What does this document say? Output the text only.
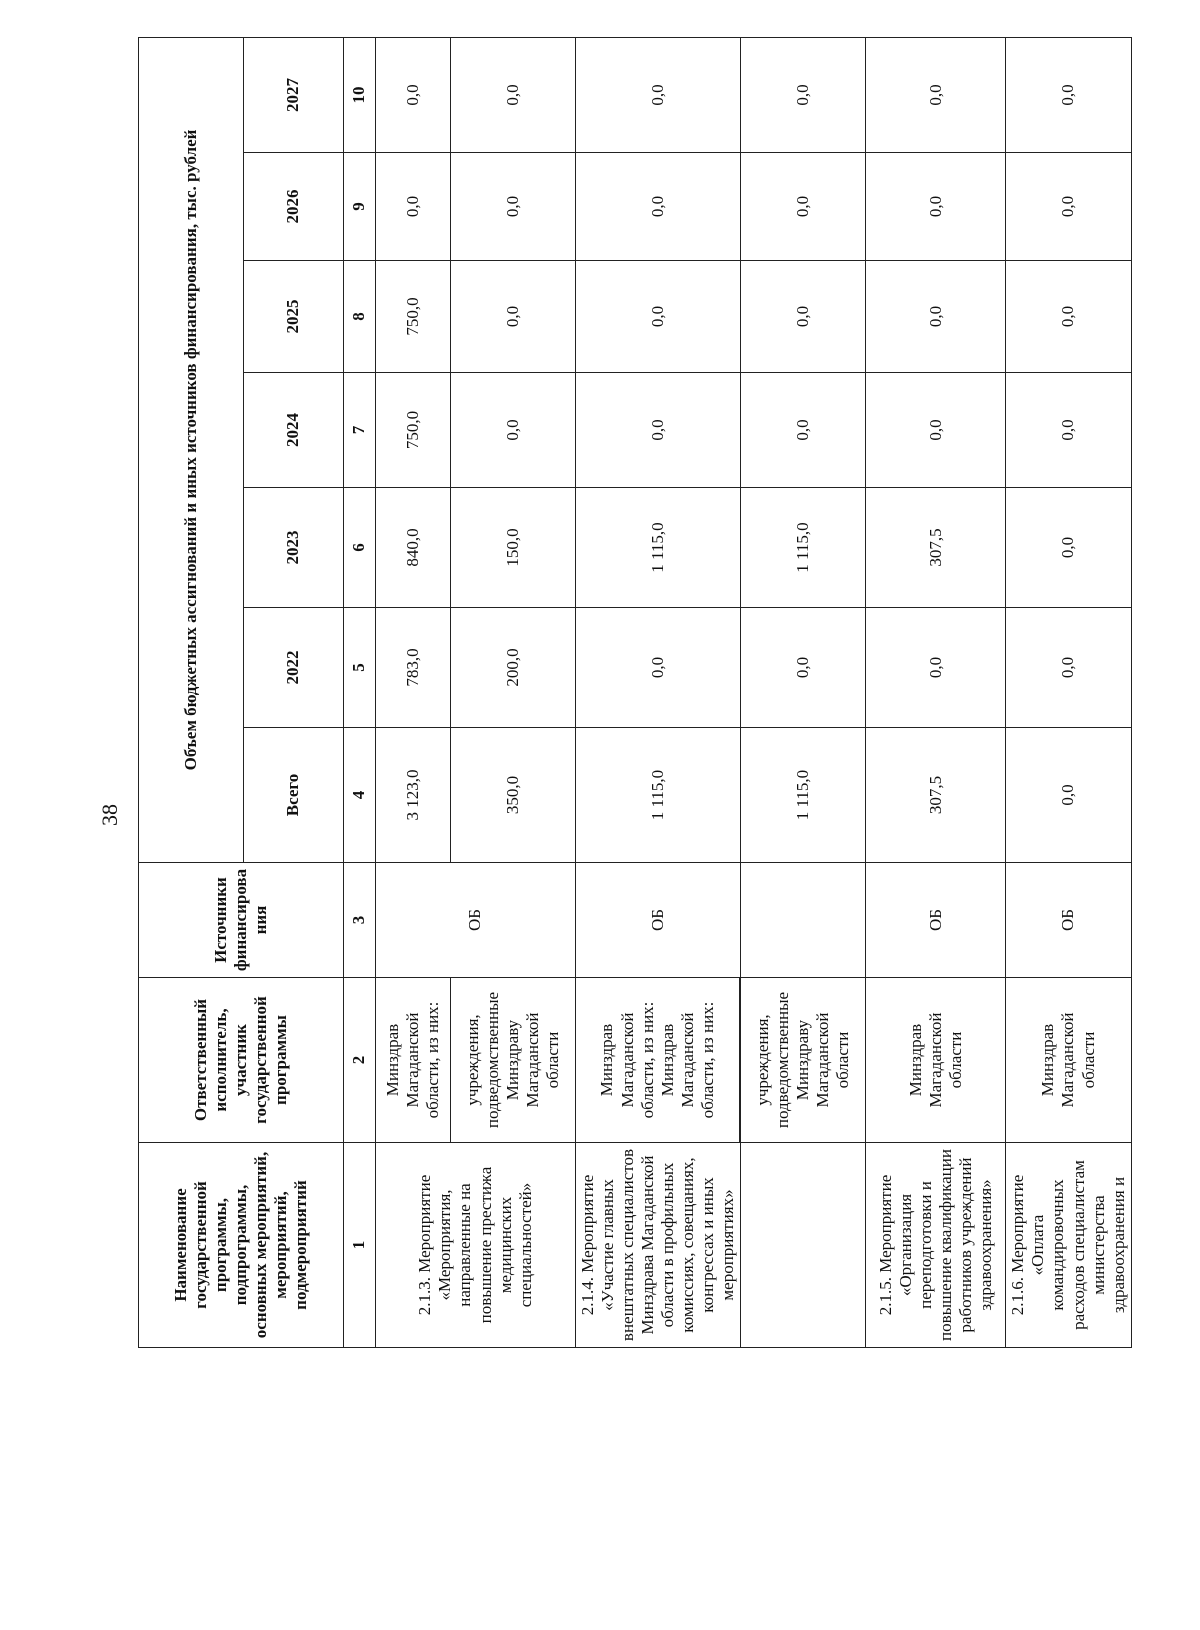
38
Наименование государственной программы, подпрограммы, основных мероприятий, мероприятий, подмероприятий	Ответственный исполнитель, участник государственной программы	Источники финансирова ния	Объем бюджетных ассигнований и иных источников финансирования, тыс. рублей						
			Всего	2022	2023	2024	2025	2026	2027
1	2	3	4	5	6	7	8	9	10
2.1.3. Мероприятие «Мероприятия, направленные на повышение престижа медицинских специальностей»	Минздрав Магаданской области, из них:	ОБ	3 123,0	783,0	840,0	750,0	750,0	0,0	0,0
	учреждения, подведомственные Минздраву Магаданской области		350,0	200,0	150,0	0,0	0,0	0,0	0,0
2.1.4. Мероприятие «Участие главных внештатных специалистов Минздрава Магаданской области в профильных комиссиях, совещаниях, конгрессах и иных мероприятиях»	Минздрав Магаданской области, из них: Минздрав Магаданской области, из них:	ОБ	1 115,0	0,0	1 115,0	0,0	0,0	0,0	0,0

	учреждения, подведомственные Минздраву Магаданской области		1 115,0	0,0	1 115,0	0,0	0,0	0,0	0,0
2.1.5. Мероприятие «Организация переподготовки и повышение квалификации работников учреждений здравоохранения»	Минздрав Магаданской области	ОБ	307,5	0,0	307,5	0,0	0,0	0,0	0,0
2.1.6. Мероприятие «Оплата командировочных расходов специалистам министерства здравоохранения и	Минздрав Магаданской области	ОБ	0,0	0,0	0,0	0,0	0,0	0,0	0,0
